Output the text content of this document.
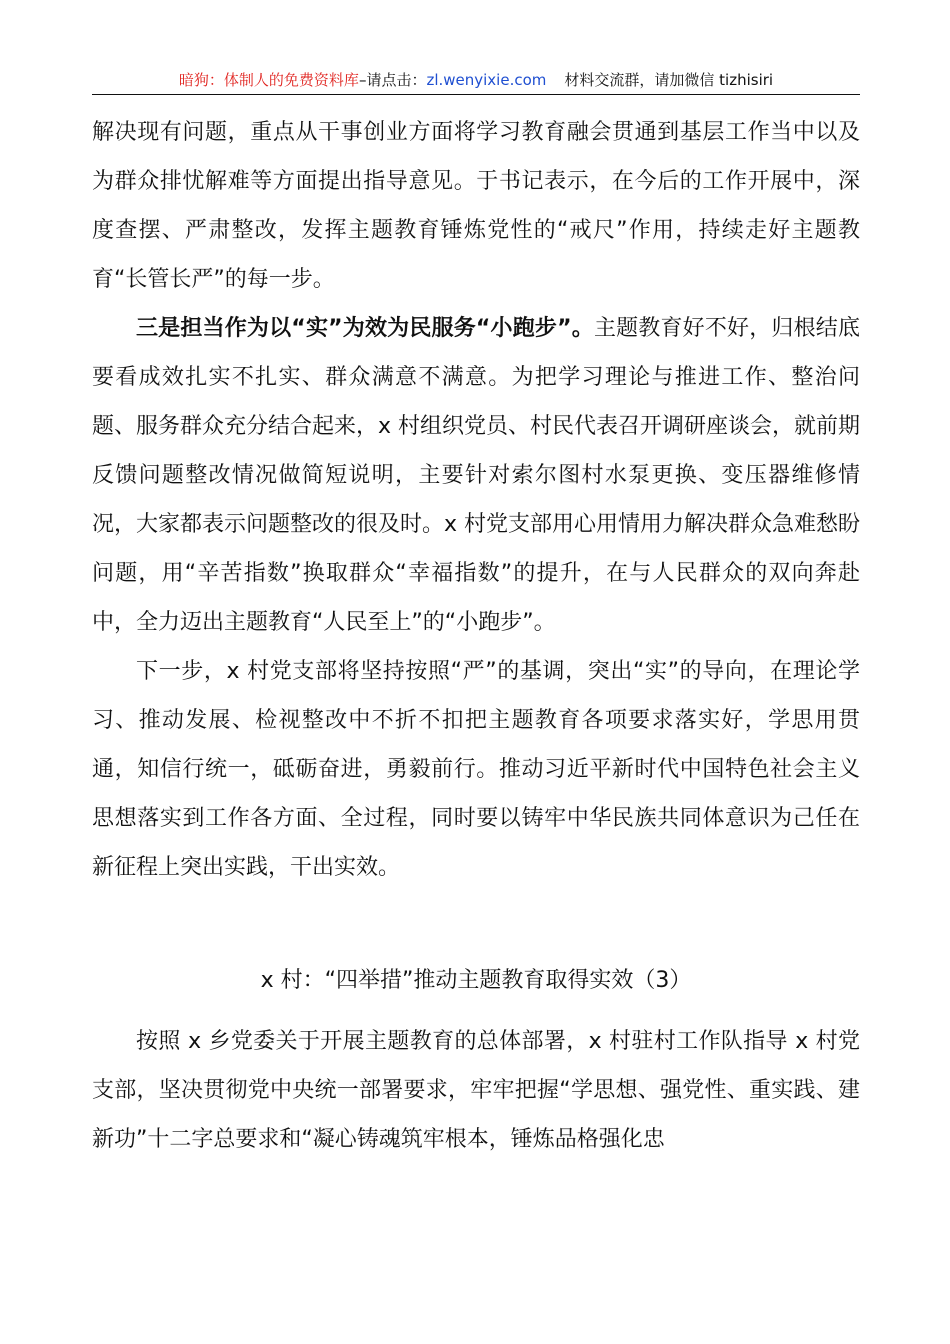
暗狗：体制人的免费资料库–请点击：zl.wenyixie.com 材料交流群，请加微信 tizhisiri

解决现有问题，重点从干事创业方面将学习教育融会贯通到基层工作当中以及为群众排忧解难等方面提出指导意见。于书记表示，在今后的工作开展中，深度查摆、严肃整改，发挥主题教育锤炼党性的“戒尺”作用，持续走好主题教育“长管长严”的每一步。

三是担当作为以“实”为效为民服务“小跑步”。主题教育好不好，归根结底要看成效扎实不扎实、群众满意不满意。为把学习理论与推进工作、整治问题、服务群众充分结合起来，x 村组织党员、村民代表召开调研座谈会，就前期反馈问题整改情况做简短说明，主要针对索尔图村水泵更换、变压器维修情况，大家都表示问题整改的很及时。x 村党支部用心用情用力解决群众急难愁盼问题，用“辛苦指数”换取群众“幸福指数”的提升，在与人民群众的双向奔赴中，全力迈出主题教育“人民至上”的“小跑步”。

下一步，x 村党支部将坚持按照“严”的基调，突出“实”的导向，在理论学习、推动发展、检视整改中不折不扣把主题教育各项要求落实好，学思用贯通，知信行统一，砥砺奋进，勇毅前行。推动习近平新时代中国特色社会主义思想落实到工作各方面、全过程，同时要以铸牢中华民族共同体意识为己任在新征程上突出实践，干出实效。

x 村：“四举措”推动主题教育取得实效（3）

按照 x 乡党委关于开展主题教育的总体部署，x 村驻村工作队指导 x 村党支部，坚决贯彻党中央统一部署要求，牢牢把握“学思想、强党性、重实践、建新功”十二字总要求和“凝心铸魂筑牢根本，锤炼品格强化忠
